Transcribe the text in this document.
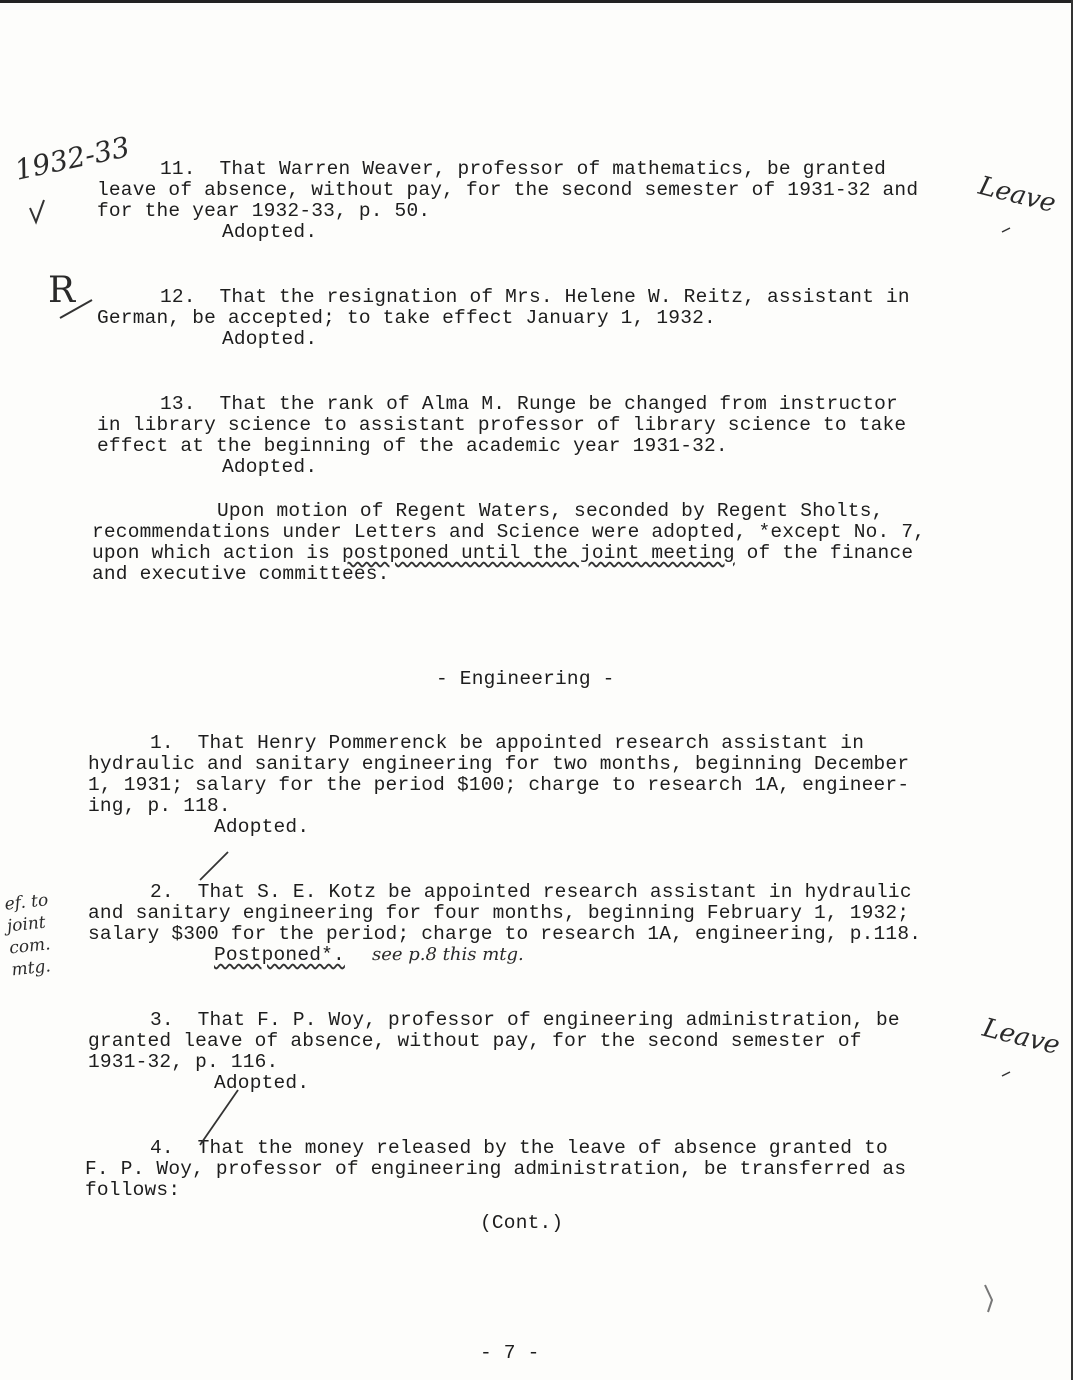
11.  That Warren Weaver, professor of mathematics, be granted
leave of absence, without pay, for the second semester of 1931-32 and
for the year 1932-33, p. 50.
Adopted.
12.  That the resignation of Mrs. Helene W. Reitz, assistant in
German, be accepted; to take effect January 1, 1932.
Adopted.
13.  That the rank of Alma M. Runge be changed from instructor
in library science to assistant professor of library science to take
effect at the beginning of the academic year 1931-32.
Adopted.
Upon motion of Regent Waters, seconded by Regent Sholts,
recommendations under Letters and Science were adopted, *except No. 7,
upon which action is postponed until the joint meeting of the finance
and executive committees.
- Engineering -
1.  That Henry Pommerenck be appointed research assistant in
hydraulic and sanitary engineering for two months, beginning December
1, 1931; salary for the period $100; charge to research 1A, engineer-
ing, p. 118.
Adopted.
2.  That S. E. Kotz be appointed research assistant in hydraulic
and sanitary engineering for four months, beginning February 1, 1932;
salary $300 for the period; charge to research 1A, engineering, p.118.
Postponed*.
3.  That F. P. Woy, professor of engineering administration, be
granted leave of absence, without pay, for the second semester of
1931-32, p. 116.
Adopted.
4.  That the money released by the leave of absence granted to
F. P. Woy, professor of engineering administration, be transferred as
follows:
(Cont.)
- 7 -
1932-33
Leave
R
see p.8 this mtg.
ef. to joint com. mtg.
Leave
